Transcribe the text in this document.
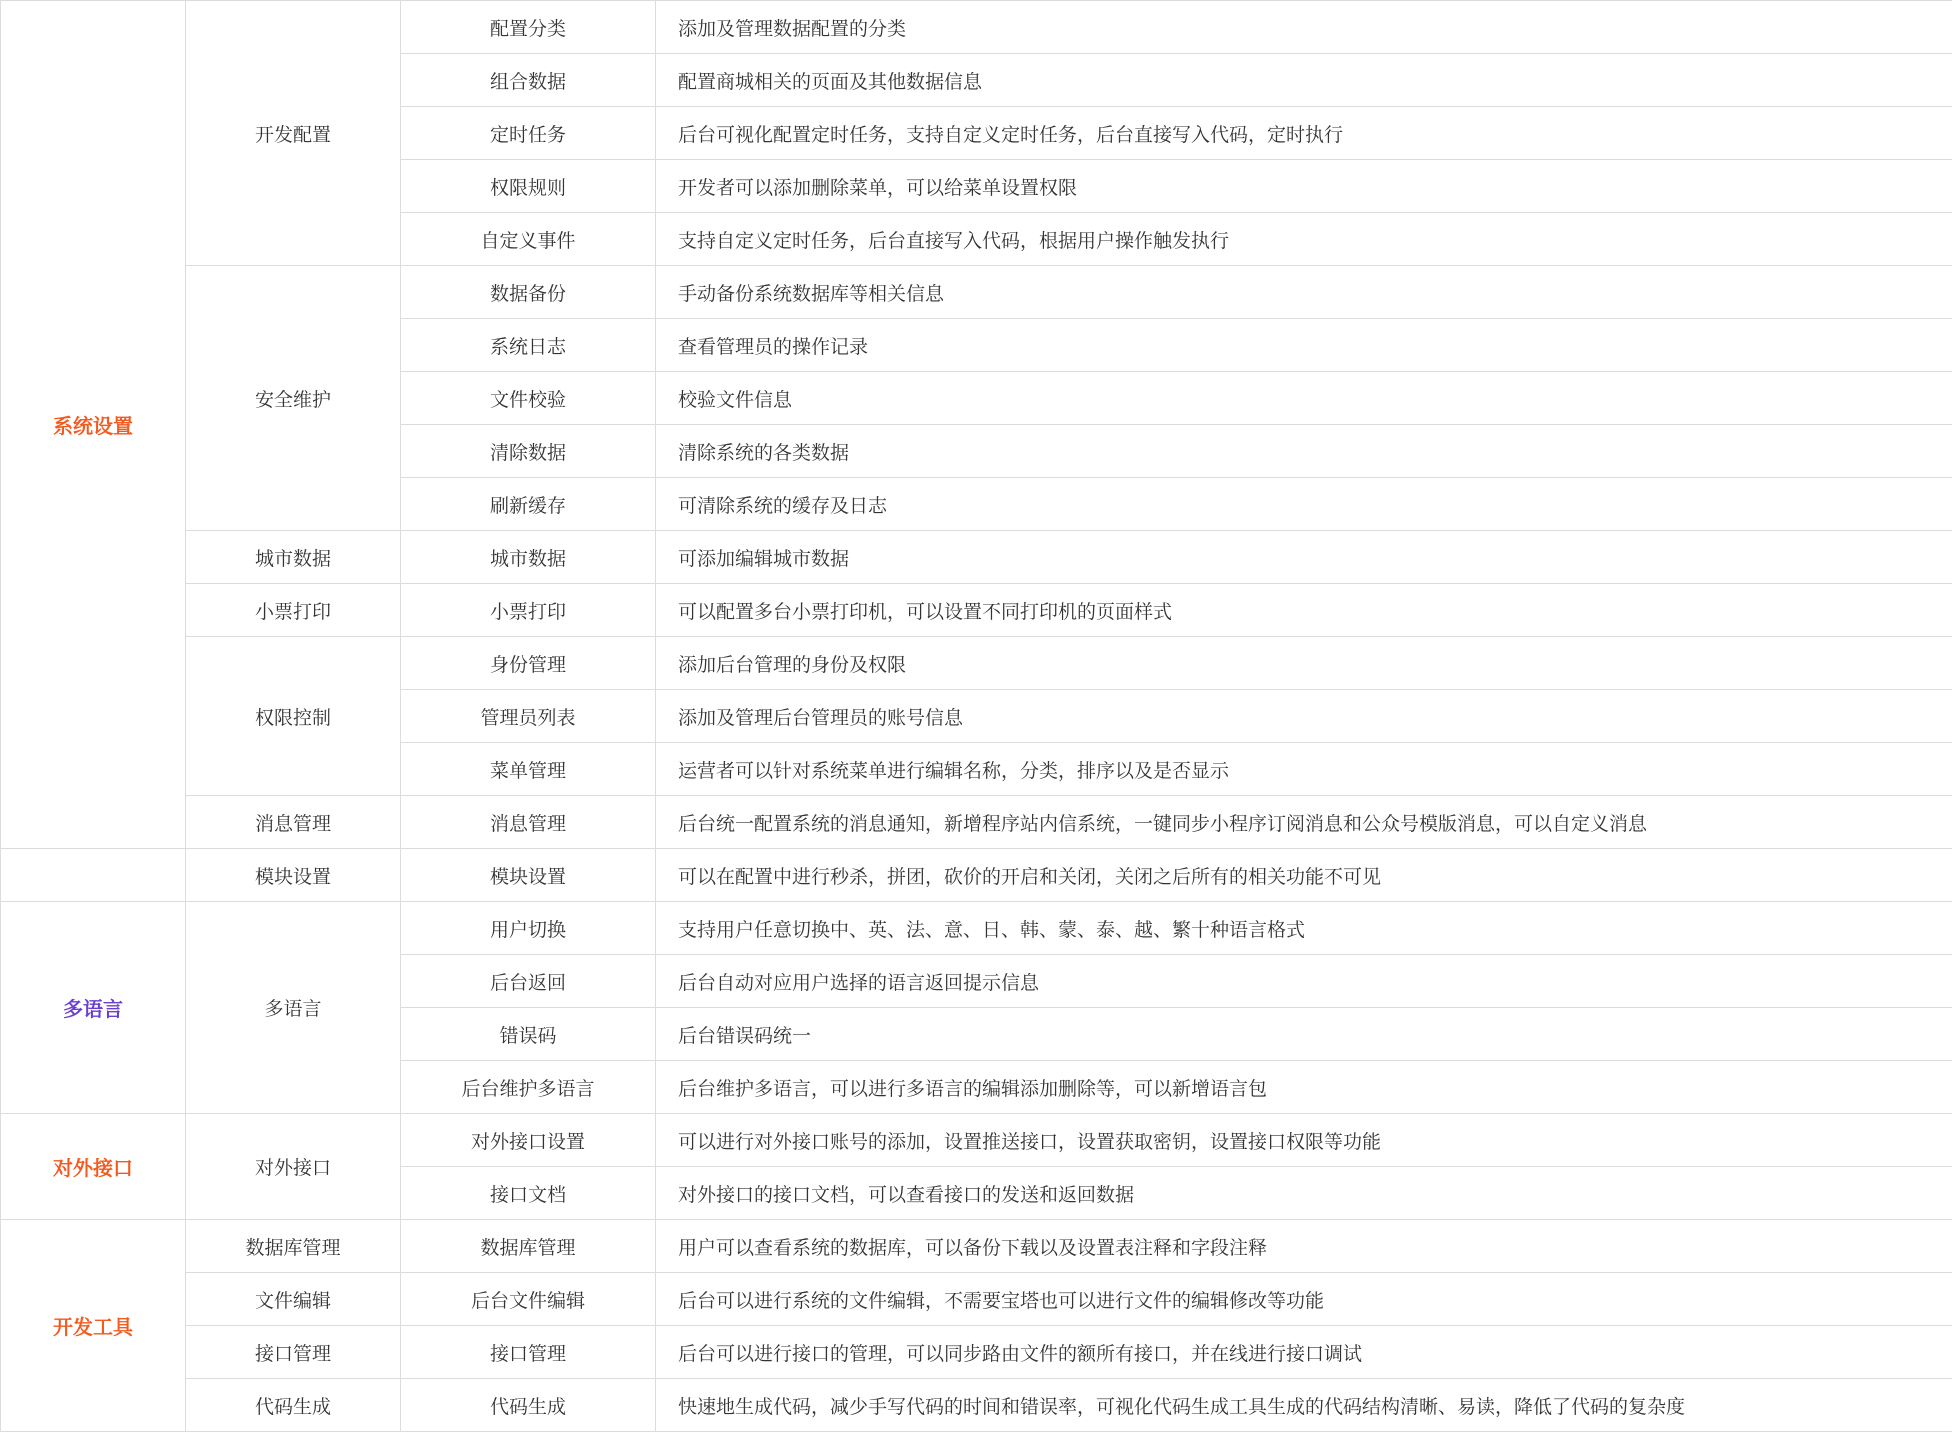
系统设置	开发配置	配置分类	添加及管理数据配置的分类
		组合数据	配置商城相关的页面及其他数据信息
		定时任务	后台可视化配置定时任务，支持自定义定时任务，后台直接写入代码，定时执行
		权限规则	开发者可以添加删除菜单，可以给菜单设置权限
		自定义事件	支持自定义定时任务，后台直接写入代码，根据用户操作触发执行
	安全维护	数据备份	手动备份系统数据库等相关信息
		系统日志	查看管理员的操作记录
		文件校验	校验文件信息
		清除数据	清除系统的各类数据
		刷新缓存	可清除系统的缓存及日志
	城市数据	城市数据	可添加编辑城市数据
	小票打印	小票打印	可以配置多台小票打印机，可以设置不同打印机的页面样式
	权限控制	身份管理	添加后台管理的身份及权限
		管理员列表	添加及管理后台管理员的账号信息
		菜单管理	运营者可以针对系统菜单进行编辑名称，分类，排序以及是否显示
	消息管理	消息管理	后台统一配置系统的消息通知，新增程序站内信系统，一键同步小程序订阅消息和公众号模版消息，可以自定义消息
	模块设置	模块设置	可以在配置中进行秒杀，拼团，砍价的开启和关闭，关闭之后所有的相关功能不可见
多语言	多语言	用户切换	支持用户任意切换中、英、法、意、日、韩、蒙、泰、越、繁十种语言格式
		后台返回	后台自动对应用户选择的语言返回提示信息
		错误码	后台错误码统一
		后台维护多语言	后台维护多语言，可以进行多语言的编辑添加删除等，可以新增语言包
对外接口	对外接口	对外接口设置	可以进行对外接口账号的添加，设置推送接口，设置获取密钥，设置接口权限等功能
		接口文档	对外接口的接口文档，可以查看接口的发送和返回数据
开发工具	数据库管理	数据库管理	用户可以查看系统的数据库，可以备份下载以及设置表注释和字段注释
	文件编辑	后台文件编辑	后台可以进行系统的文件编辑，不需要宝塔也可以进行文件的编辑修改等功能
	接口管理	接口管理	后台可以进行接口的管理，可以同步路由文件的额所有接口，并在线进行接口调试
	代码生成	代码生成	快速地生成代码，减少手写代码的时间和错误率，可视化代码生成工具生成的代码结构清晰、易读，降低了代码的复杂度
